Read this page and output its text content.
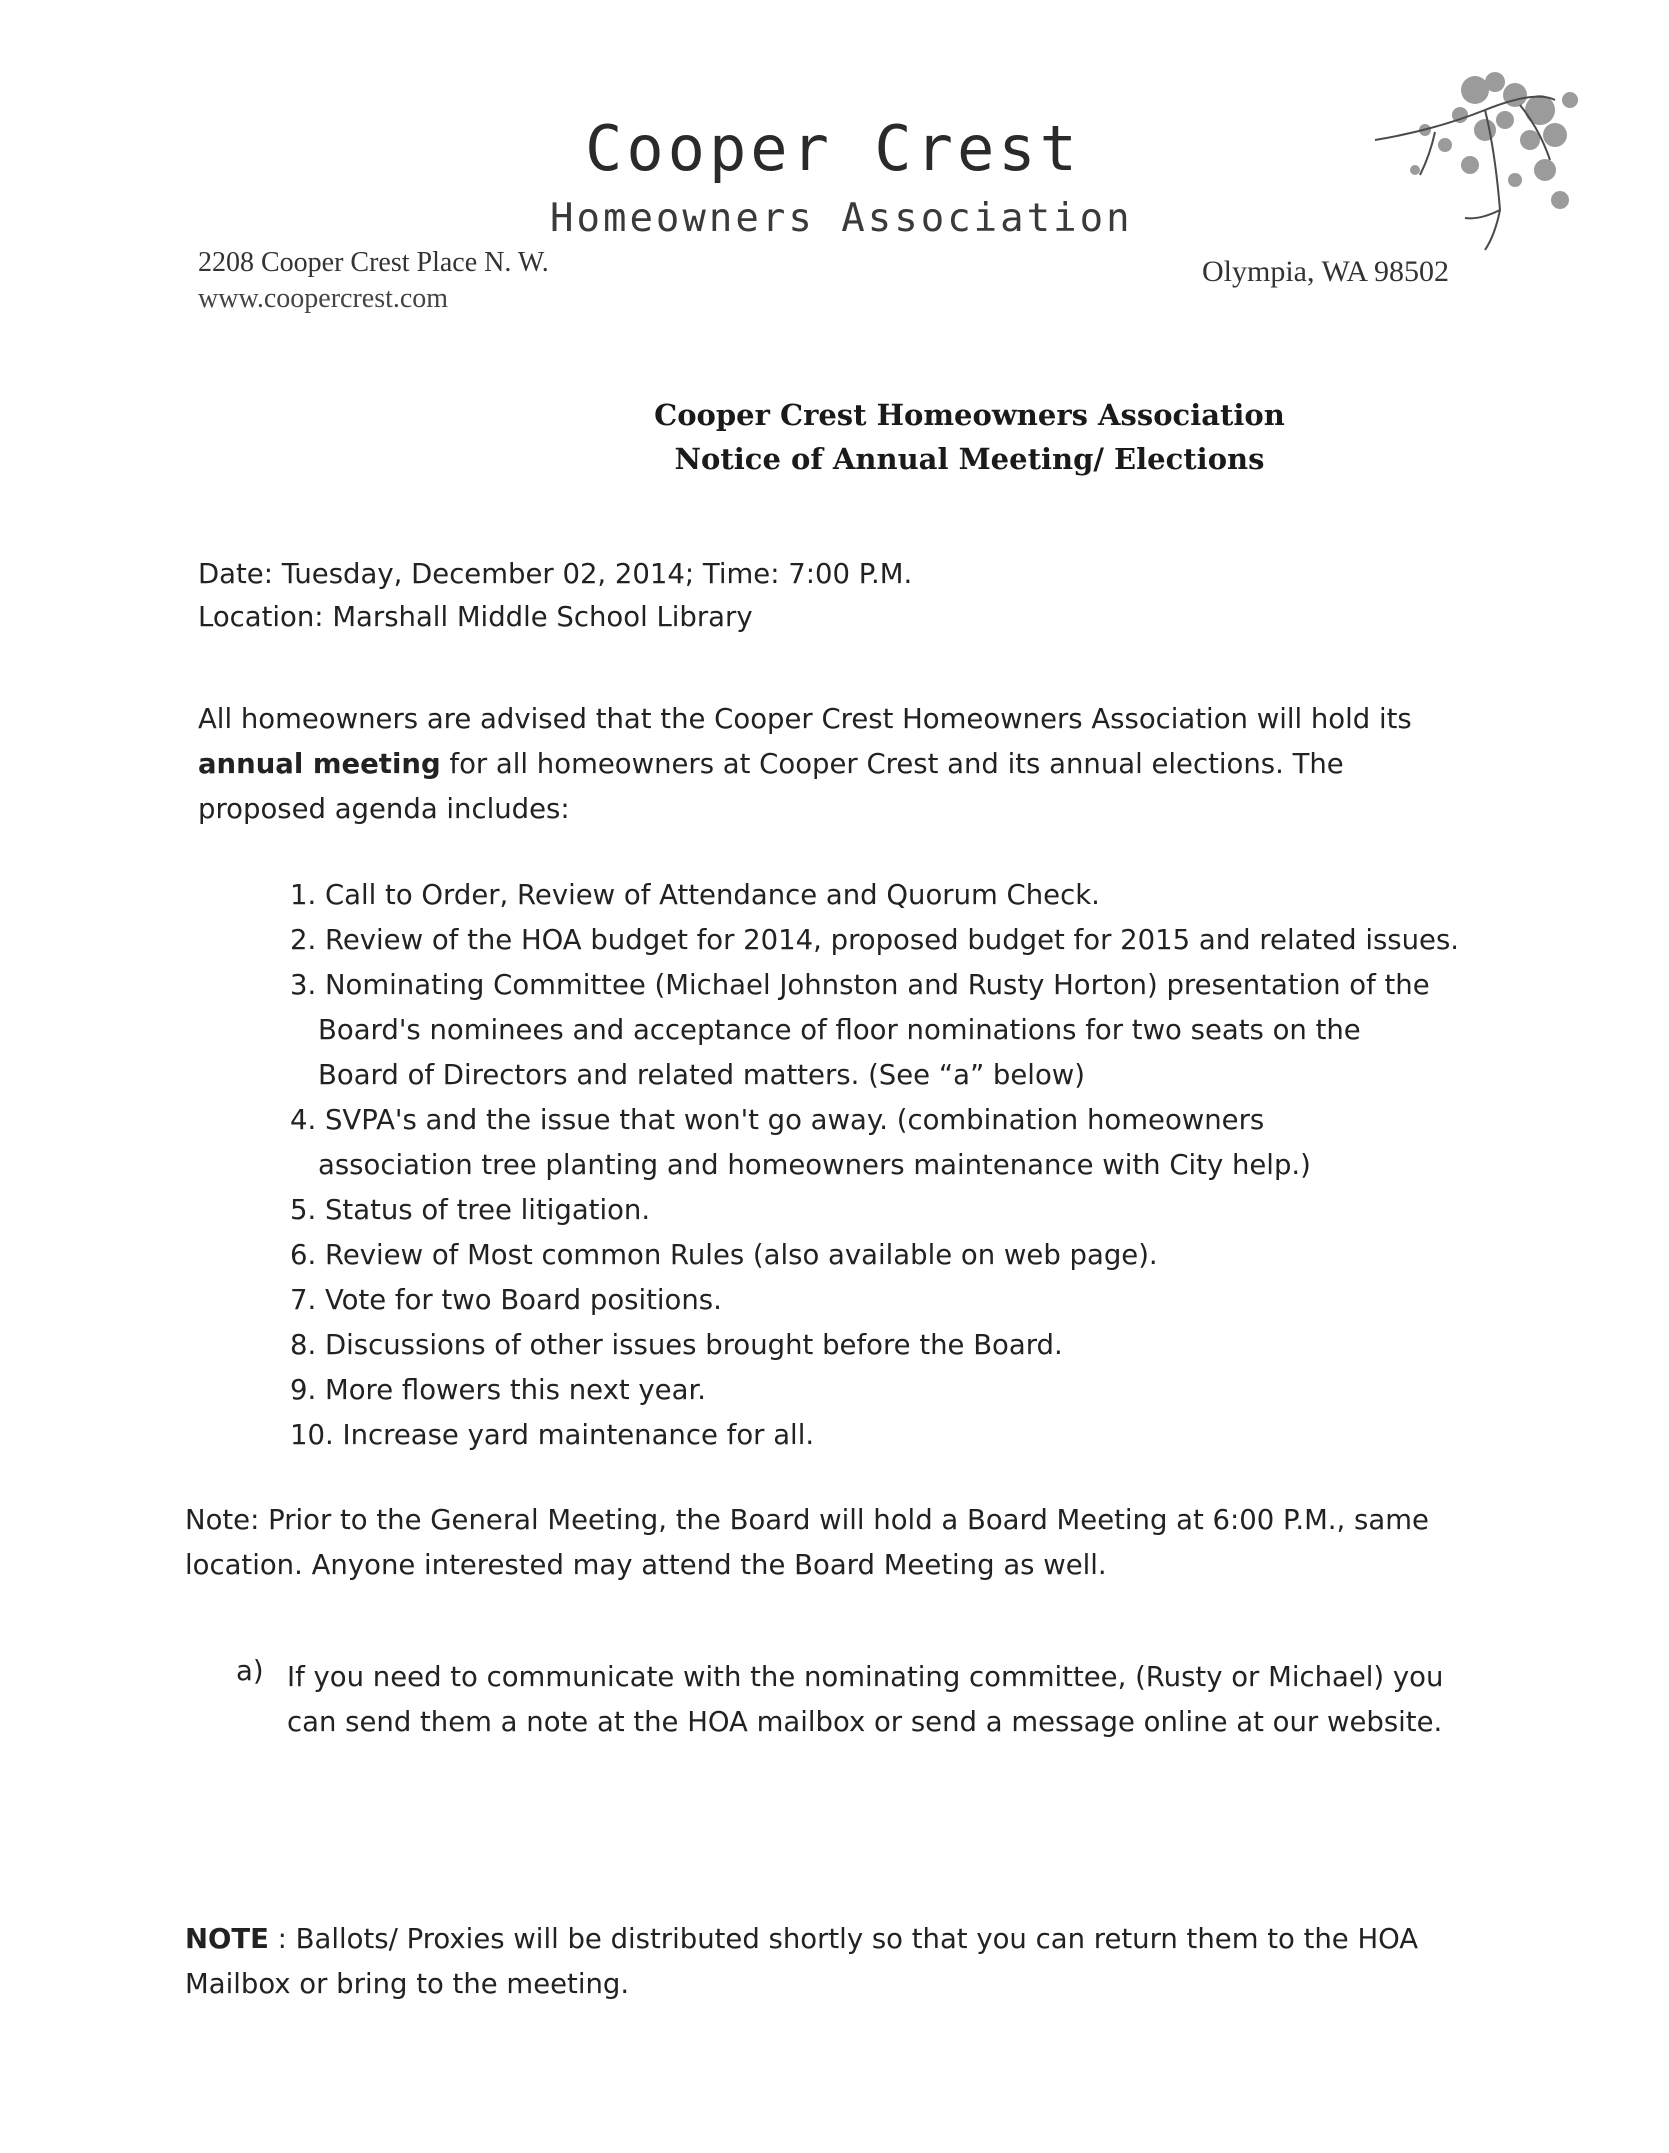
Cooper Crest
Homeowners Association
2208 Cooper Crest Place N. W.
www.coopercrest.com
Olympia, WA 98502
Cooper Crest Homeowners Association
Notice of Annual Meeting/ Elections
Date: Tuesday, December 02, 2014; Time: 7:00 P.M.
Location: Marshall Middle School Library
All homeowners are advised that the Cooper Crest Homeowners Association will hold its
annual meeting for all homeowners at Cooper Crest and its annual elections. The
proposed agenda includes:
1. Call to Order, Review of Attendance and Quorum Check.
2. Review of the HOA budget for 2014, proposed budget for 2015 and related issues.
3. Nominating Committee (Michael Johnston and Rusty Horton) presentation of the
Board's nominees and acceptance of floor nominations for two seats on the
Board of Directors and related matters. (See “a” below)
4. SVPA's and the issue that won't go away. (combination homeowners
association tree planting and homeowners maintenance with City help.)
5. Status of tree litigation.
6. Review of Most common Rules (also available on web page).
7. Vote for two Board positions.
8. Discussions of other issues brought before the Board.
9. More flowers this next year.
10. Increase yard maintenance for all.
Note: Prior to the General Meeting, the Board will hold a Board Meeting at 6:00 P.M., same
location. Anyone interested may attend the Board Meeting as well.
a) If you need to communicate with the nominating committee, (Rusty or Michael) you
can send them a note at the HOA mailbox or send a message online at our website.
NOTE : Ballots/ Proxies will be distributed shortly so that you can return them to the HOA
Mailbox or bring to the meeting.
